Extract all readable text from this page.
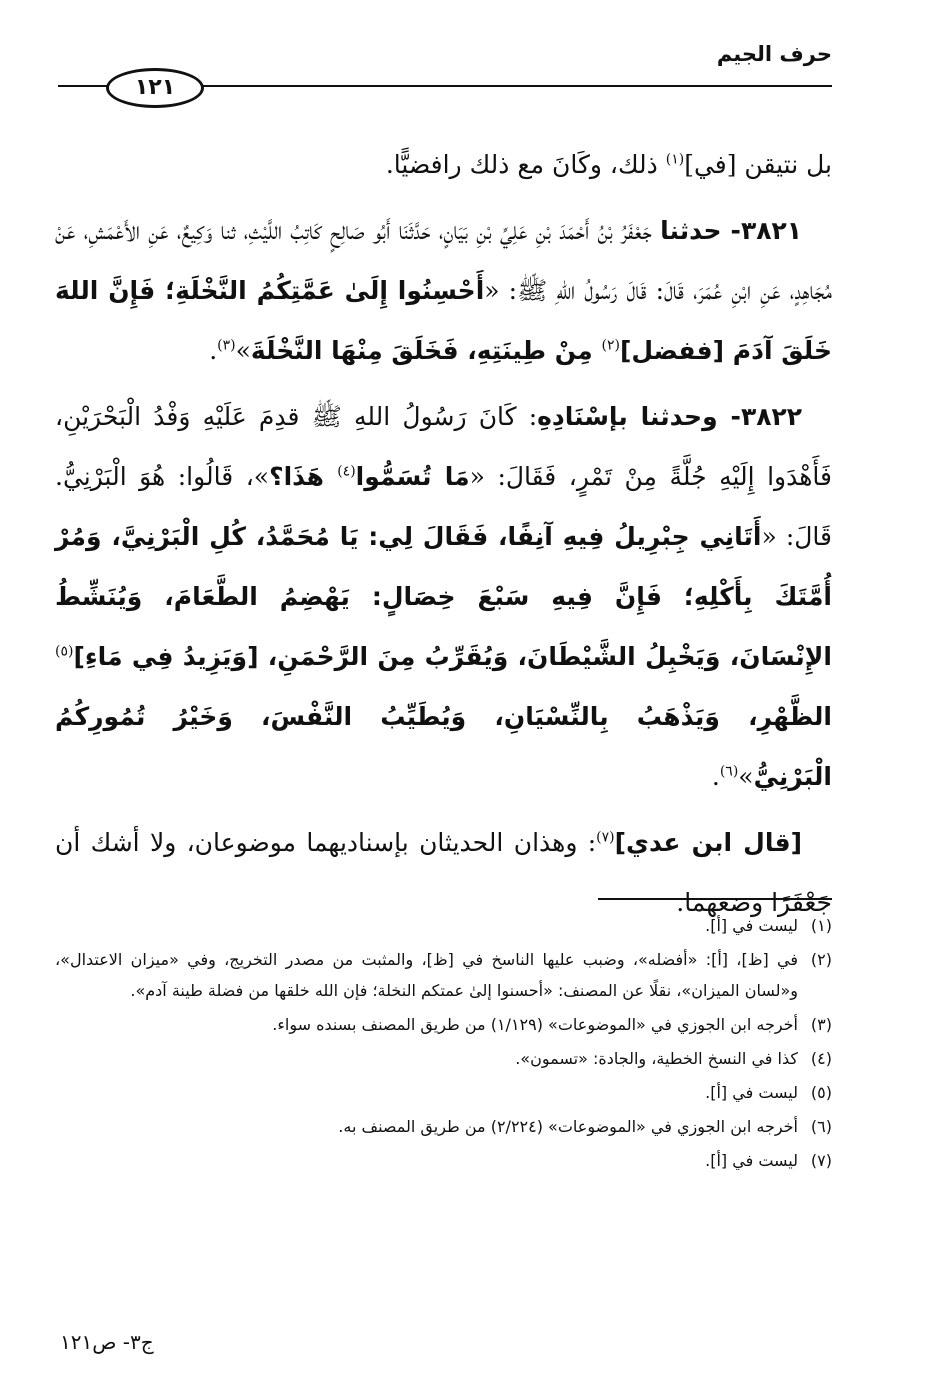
حرف الجيم
١٢١

بل نتيقن [في]$^{(١)}$ ذلك، وكَانَ مع ذلك رافضيًّا.

٣٨٢١- حدثنا جَعْفَرُ بْنُ أَحْمَدَ بْنِ عَلِيِّ بْنِ بَيَانٍ، حَدَّثَنَا أَبُو صَالِحٍ كَاتِبُ اللَّيْثِ، ثنا وَكِيعٌ، عَنِ الأَعْمَشِ، عَنْ مُجَاهِدٍ، عَنِ ابْنِ عُمَرَ، قَالَ: قَالَ رَسُولُ اللهِ ﷺ: «أَحْسِنُوا إِلَىٰ عَمَّتِكُمُ النَّخْلَةِ؛ فَإِنَّ اللهَ خَلَقَ آدَمَ [ففضل]$^{(٢)}$ مِنْ طِينَتِهِ، فَخَلَقَ مِنْهَا النَّخْلَةَ»$^{(٣)}$.

٣٨٢٢- وحدثنا بإسْنَادِهِ: كَانَ رَسُولُ اللهِ ﷺ قدِمَ عَلَيْهِ وَفْدُ الْبَحْرَيْنِ، فَأَهْدَوا إِلَيْهِ جُلَّةً مِنْ تَمْرٍ، فَقَالَ: «مَا تُسَمُّوا$^{(٤)}$ هَذَا؟»، قَالُوا: هُوَ الْبَرْنِيُّ. قَالَ: «أَتَانِي جِبْرِيلُ فِيهِ آنِفًا، فَقَالَ لِي: يَا مُحَمَّدُ، كُلِ الْبَرْنِيَّ، وَمُرْ أُمَّتَكَ بِأَكْلِهِ؛ فَإِنَّ فِيهِ سَبْعَ خِصَالٍ: يَهْضِمُ الطَّعَامَ، وَيُنَشِّطُ الإِنْسَانَ، وَيَخْبِلُ الشَّيْطَانَ، وَيُقَرِّبُ مِنَ الرَّحْمَنِ، [وَيَزِيدُ فِي مَاءِ]$^{(٥)}$ الظَّهْرِ، وَيَذْهَبُ بِالنِّسْيَانِ، وَيُطَيِّبُ النَّفْسَ، وَخَيْرُ تُمُورِكُمُ الْبَرْنِيُّ»$^{(٦)}$.

[قال ابن عدي]$^{(٧)}$: وهذان الحديثان بإسناديهما موضوعان، ولا أشك أن جَعْفَرًا وضعهما.

(١)
ليست في [أ].
(٢)
في [ظ]، [أ]: «أفضله»، وضبب عليها الناسخ في [ظ]، والمثبت من مصدر التخريج، وفي «ميزان الاعتدال»، و«لسان الميزان»، نقلًا عن المصنف: «أحسنوا إلىٰ عمتكم النخلة؛ فإن الله خلقها من فضلة طينة آدم».
(٣)
أخرجه ابن الجوزي في «الموضوعات» (١/١٢٩) من طريق المصنف بسنده سواء.
(٤)
كذا في النسخ الخطية، والجادة: «تسمون».
(٥)
ليست في [أ].
(٦)
أخرجه ابن الجوزي في «الموضوعات» (٢/٢٢٤) من طريق المصنف به.
(٧)
ليست في [أ].
ج٣- ص١٢١
